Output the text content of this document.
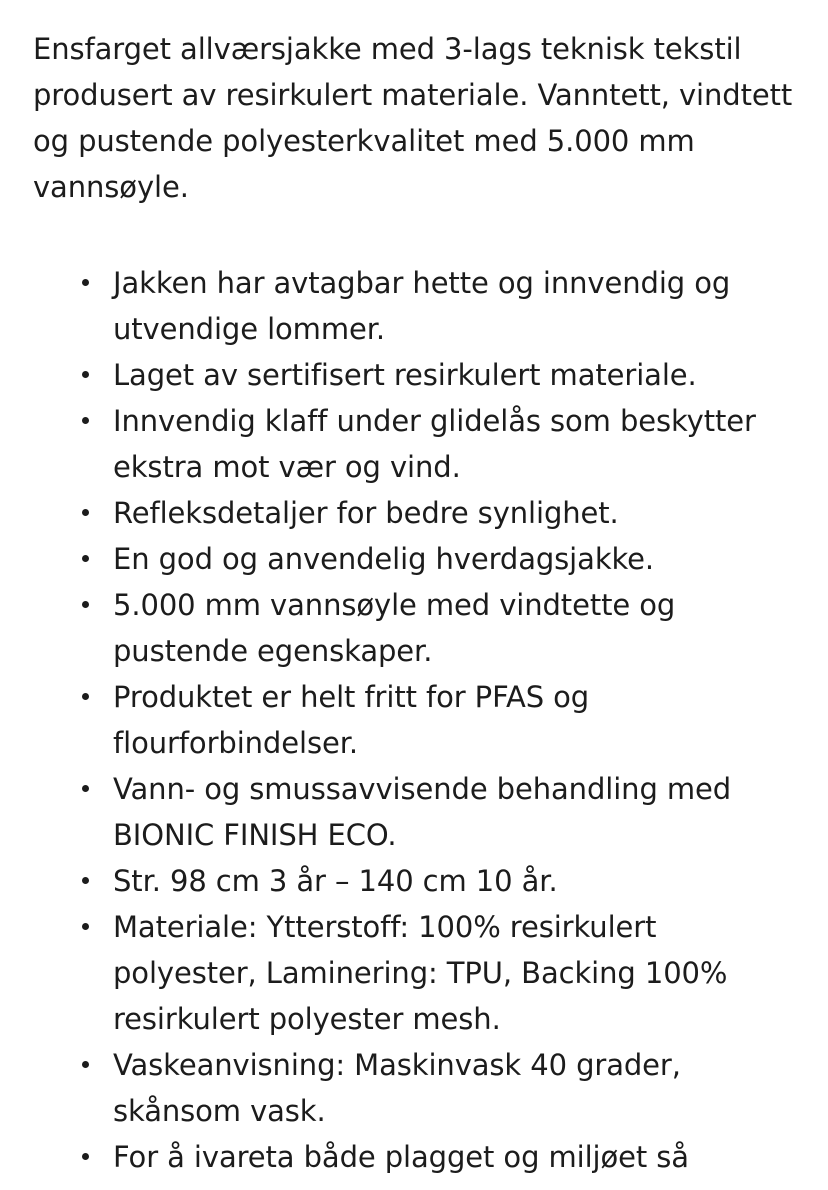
Ensfarget allværsjakke med 3-lags teknisk tekstil produsert av resirkulert materiale. Vanntett, vindtett og pustende polyesterkvalitet med 5.000 mm vannsøyle.

Jakken har avtagbar hette og innvendig og utvendige lommer.
Laget av sertifisert resirkulert materiale.
Innvendig klaff under glidelås som beskytter ekstra mot vær og vind.
Refleksdetaljer for bedre synlighet.
En god og anvendelig hverdagsjakke.
5.000 mm vannsøyle med vindtette og pustende egenskaper.
Produktet er helt fritt for PFAS og flourforbindelser.
Vann- og smussavvisende behandling med BIONIC FINISH ECO.
Str. 98 cm 3 år – 140 cm 10 år.
Materiale: Ytterstoff: 100% resirkulert polyester, Laminering: TPU, Backing 100% resirkulert polyester mesh.
Vaskeanvisning: Maskinvask 40 grader, skånsom vask.
For å ivareta både plagget og miljøet så
